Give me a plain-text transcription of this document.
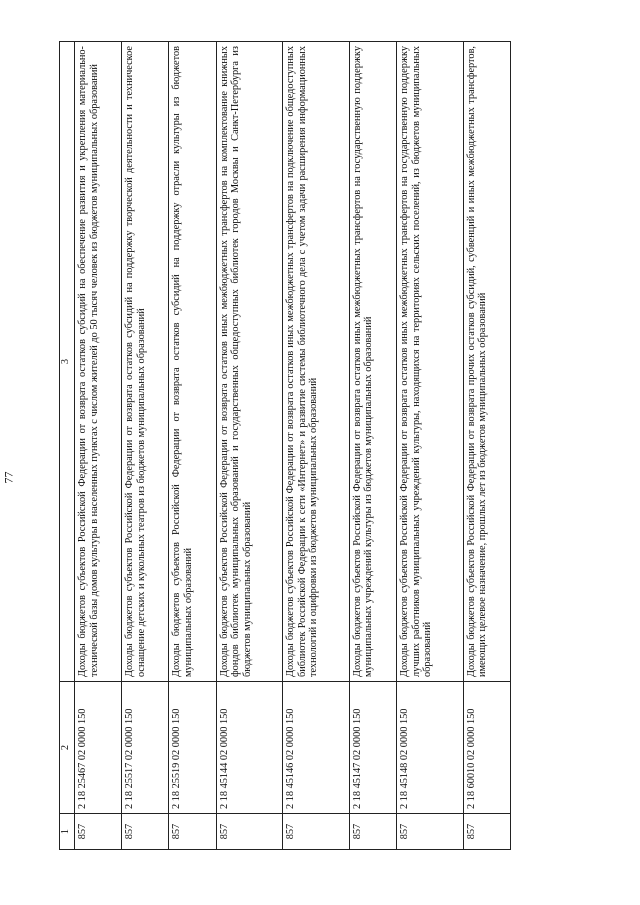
77
1	2	3
857	2 18 25467 02 0000 150	Доходы бюджетов субъектов Российской Федерации от возврата остатков субсидий на обеспечение развития и укрепления материально-технической базы домов культуры в населенных пунктах с числом жителей до 50 тысяч человек из бюджетов муниципальных образований
857	2 18 25517 02 0000 150	Доходы бюджетов субъектов Российской Федерации от возврата остатков субсидий на поддержку творческой деятельности и техническое оснащение детских и кукольных театров из бюджетов муниципальных образований
857	2 18 25519 02 0000 150	Доходы бюджетов субъектов Российской Федерации от возврата остатков субсидий на поддержку отрасли культуры из бюджетов муниципальных образований
857	2 18 45144 02 0000 150	Доходы бюджетов субъектов Российской Федерации от возврата остатков иных межбюджетных трансфертов на комплектование книжных фондов библиотек муниципальных образований и государственных общедоступных библиотек городов Москвы и Санкт-Петербурга из бюджетов муниципальных образований
857	2 18 45146 02 0000 150	Доходы бюджетов субъектов Российской Федерации от возврата остатков иных межбюджетных трансфертов на подключение общедоступных библиотек Российской Федерации к сети «Интернет» и развитие системы библиотечного дела с учетом задачи расширения информационных технологий и оцифровки из бюджетов муниципальных образований
857	2 18 45147 02 0000 150	Доходы бюджетов субъектов Российской Федерации от возврата остатков иных межбюджетных трансфертов на государственную поддержку муниципальных учреждений культуры из бюджетов муниципальных образований
857	2 18 45148 02 0000 150	Доходы бюджетов субъектов Российской Федерации от возврата остатков иных межбюджетных трансфертов на государственную поддержку лучших работников муниципальных учреждений культуры, находящихся на территориях сельских поселений, из бюджетов муниципальных образований
857	2 18 60010 02 0000 150	Доходы бюджетов субъектов Российской Федерации от возврата прочих остатков субсидий, субвенций и иных межбюджетных трансфертов, имеющих целевое назначение, прошлых лет из бюджетов муниципальных образований
